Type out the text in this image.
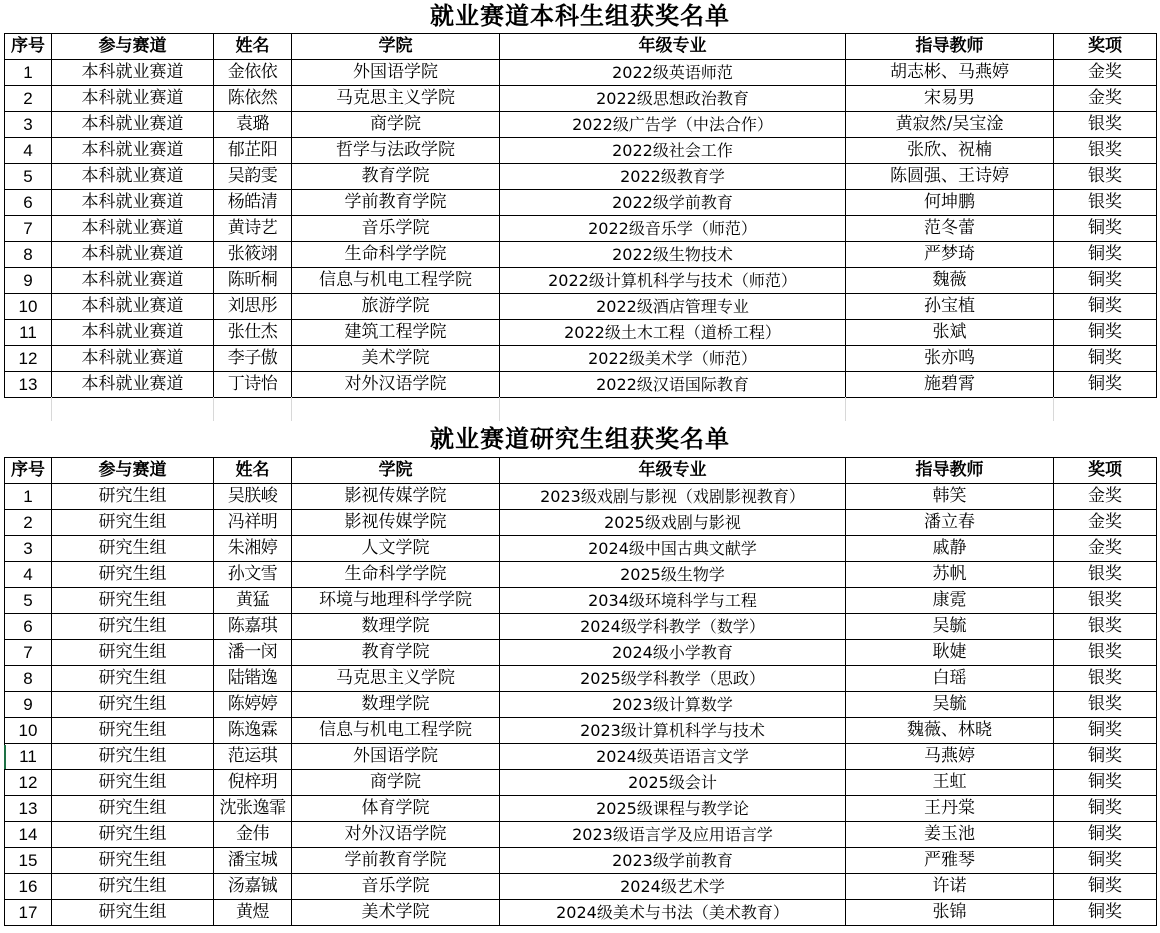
就业赛道本科生组获奖名单
序号	参与赛道	姓名	学院	年级专业	指导教师	奖项
1	本科就业赛道	金依依	外国语学院	2022级英语师范	胡志彬、马燕婷	金奖
2	本科就业赛道	陈依然	马克思主义学院	2022级思想政治教育	宋易男	金奖
3	本科就业赛道	袁璐	商学院	2022级广告学（中法合作）	黄寂然/吴宝淦	银奖
4	本科就业赛道	郁芷阳	哲学与法政学院	2022级社会工作	张欣、祝楠	银奖
5	本科就业赛道	吴韵雯	教育学院	2022级教育学	陈圆强、王诗婷	银奖
6	本科就业赛道	杨皓清	学前教育学院	2022级学前教育	何坤鹏	银奖
7	本科就业赛道	黄诗艺	音乐学院	2022级音乐学（师范）	范冬蕾	铜奖
8	本科就业赛道	张筱翊	生命科学学院	2022级生物技术	严梦琦	铜奖
9	本科就业赛道	陈昕桐	信息与机电工程学院	2022级计算机科学与技术（师范）	魏薇	铜奖
10	本科就业赛道	刘思彤	旅游学院	2022级酒店管理专业	孙宝植	铜奖
11	本科就业赛道	张仕杰	建筑工程学院	2022级土木工程（道桥工程）	张斌	铜奖
12	本科就业赛道	李子傲	美术学院	2022级美术学（师范）	张亦鸣	铜奖
13	本科就业赛道	丁诗怡	对外汉语学院	2022级汉语国际教育	施碧霄	铜奖
就业赛道研究生组获奖名单
序号	参与赛道	姓名	学院	年级专业	指导教师	奖项
1	研究生组	吴朕峻	影视传媒学院	2023级戏剧与影视（戏剧影视教育）	韩笑	金奖
2	研究生组	冯祥明	影视传媒学院	2025级戏剧与影视	潘立春	金奖
3	研究生组	朱湘婷	人文学院	2024级中国古典文献学	戚静	金奖
4	研究生组	孙文雪	生命科学学院	2025级生物学	苏帆	银奖
5	研究生组	黄猛	环境与地理科学学院	2034级环境科学与工程	康霓	银奖
6	研究生组	陈嘉琪	数理学院	2024级学科教学（数学）	吴毓	银奖
7	研究生组	潘一闵	教育学院	2024级小学教育	耿婕	银奖
8	研究生组	陆锴逸	马克思主义学院	2025级学科教学（思政）	白瑶	银奖
9	研究生组	陈婷婷	数理学院	2023级计算数学	吴毓	银奖
10	研究生组	陈逸霖	信息与机电工程学院	2023级计算机科学与技术	魏薇、林晓	铜奖
11	研究生组	范运琪	外国语学院	2024级英语语言文学	马燕婷	铜奖
12	研究生组	倪梓玥	商学院	2025级会计	王虹	铜奖
13	研究生组	沈张逸霏	体育学院	2025级课程与教学论	王丹棠	铜奖
14	研究生组	金伟	对外汉语学院	2023级语言学及应用语言学	姜玉池	铜奖
15	研究生组	潘宝城	学前教育学院	2023级学前教育	严雅琴	铜奖
16	研究生组	汤嘉铖	音乐学院	2024级艺术学	许诺	铜奖
17	研究生组	黄煜	美术学院	2024级美术与书法（美术教育）	张锦	铜奖
